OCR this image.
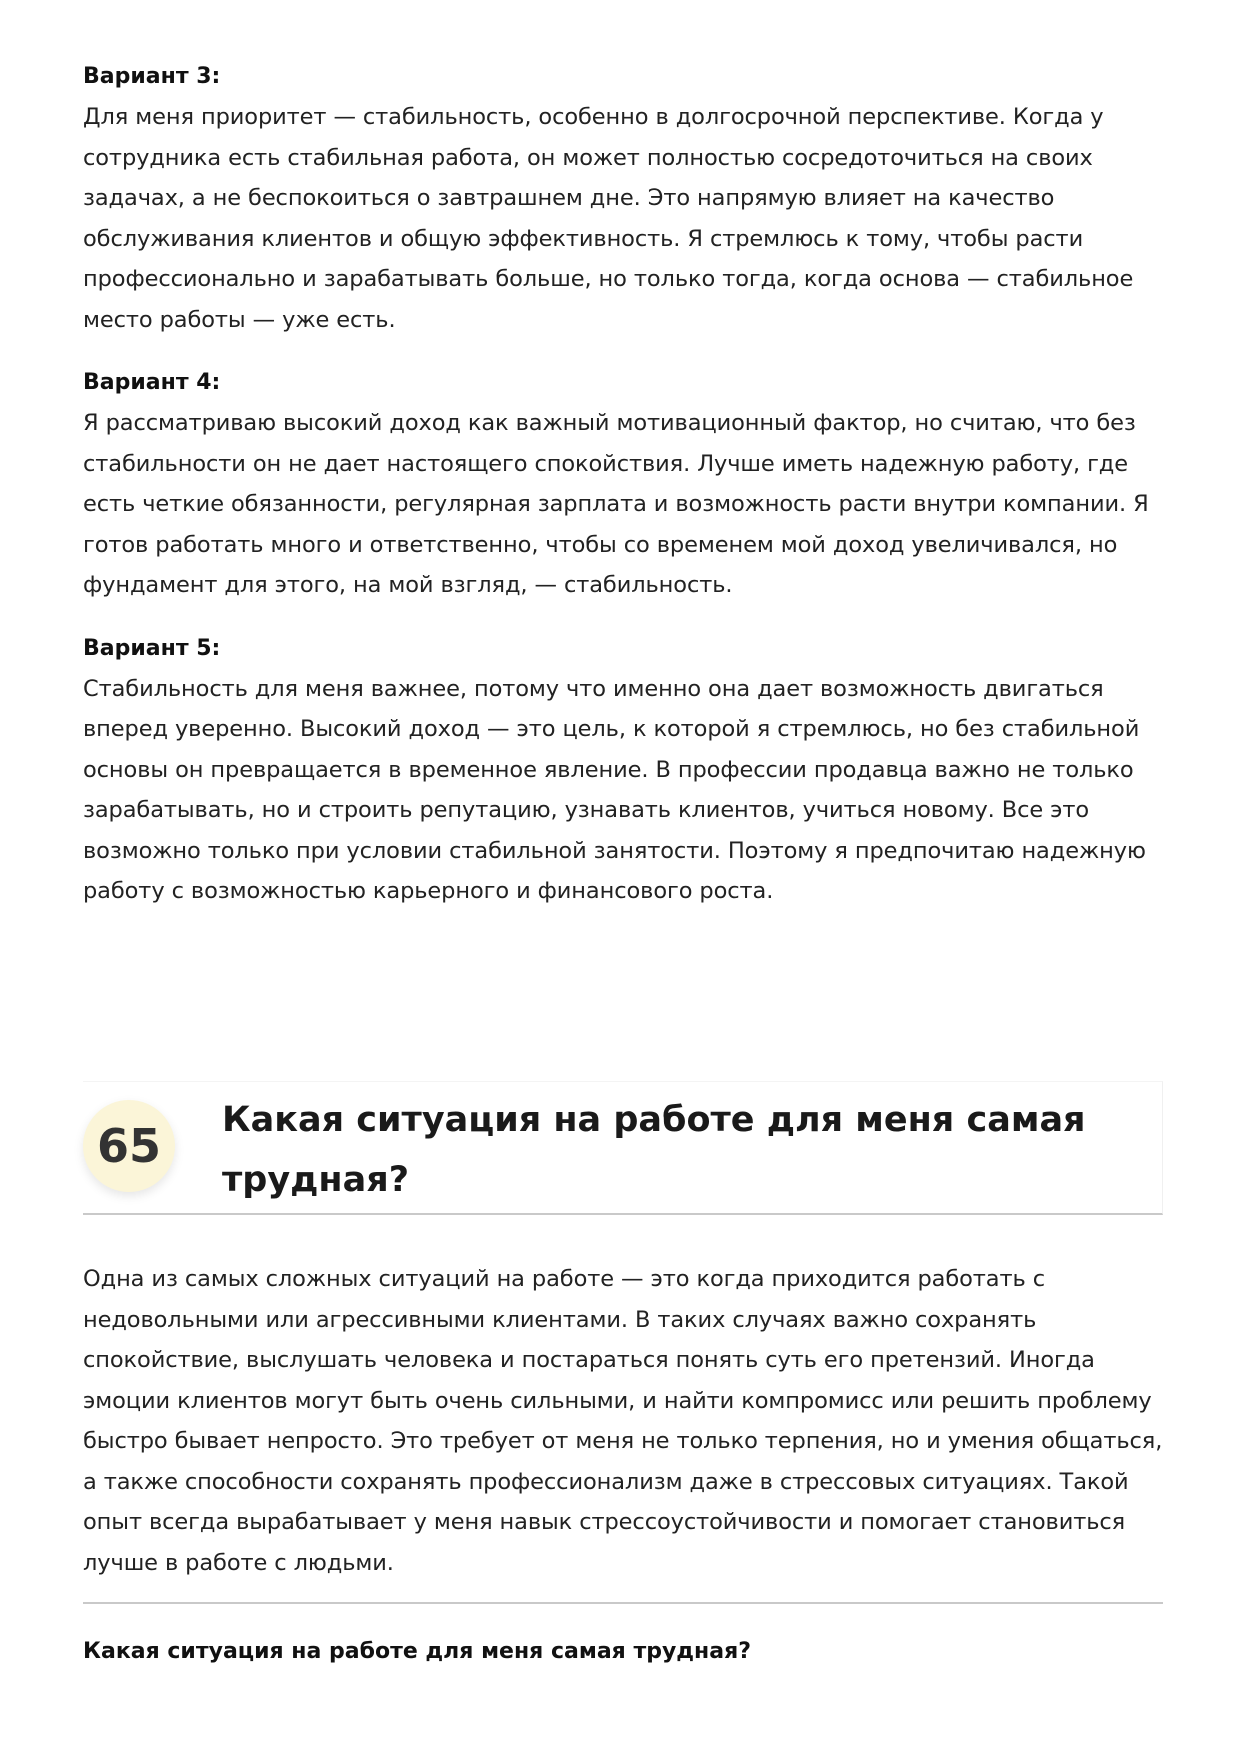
Вариант 3:

Для меня приоритет — стабильность, особенно в долгосрочной перспективе. Когда у сотрудника есть стабильная работа, он может полностью сосредоточиться на своих задачах, а не беспокоиться о завтрашнем дне. Это напрямую влияет на качество обслуживания клиентов и общую эффективность. Я стремлюсь к тому, чтобы расти профессионально и зарабатывать больше, но только тогда, когда основа — стабильное место работы — уже есть.

Вариант 4:

Я рассматриваю высокий доход как важный мотивационный фактор, но считаю, что без стабильности он не дает настоящего спокойствия. Лучше иметь надежную работу, где есть четкие обязанности, регулярная зарплата и возможность расти внутри компании. Я готов работать много и ответственно, чтобы со временем мой доход увеличивался, но фундамент для этого, на мой взгляд, — стабильность.

Вариант 5:

Стабильность для меня важнее, потому что именно она дает возможность двигаться вперед уверенно. Высокий доход — это цель, к которой я стремлюсь, но без стабильной основы он превращается в временное явление. В профессии продавца важно не только зарабатывать, но и строить репутацию, узнавать клиентов, учиться новому. Все это возможно только при условии стабильной занятости. Поэтому я предпочитаю надежную работу с возможностью карьерного и финансового роста.

65	Какая ситуация на работе для меня самая трудная?

Одна из самых сложных ситуаций на работе — это когда приходится работать с недовольными или агрессивными клиентами. В таких случаях важно сохранять спокойствие, выслушать человека и постараться понять суть его претензий. Иногда эмоции клиентов могут быть очень сильными, и найти компромисс или решить проблему быстро бывает непросто. Это требует от меня не только терпения, но и умения общаться, а также способности сохранять профессионализм даже в стрессовых ситуациях. Такой опыт всегда вырабатывает у меня навык стрессоустойчивости и помогает становиться лучше в работе с людьми.

Какая ситуация на работе для меня самая трудная?
